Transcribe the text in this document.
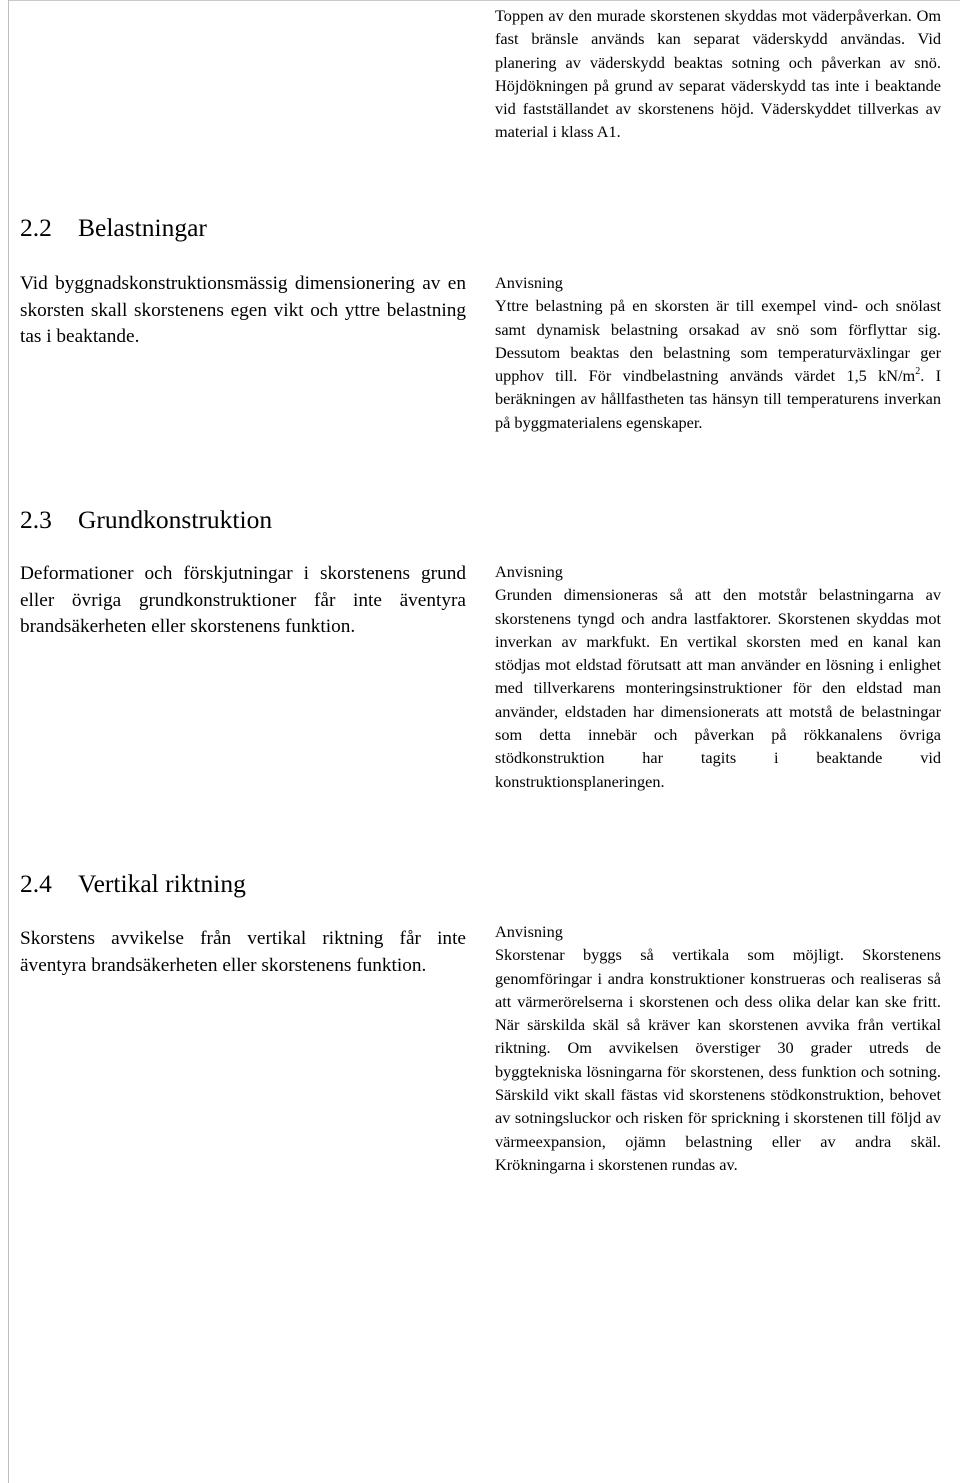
Toppen av den murade skorstenen skyddas mot väderpåverkan. Om fast bränsle används kan separat väderskydd användas. Vid planering av väderskydd beaktas sotning och påverkan av snö. Höjdökningen på grund av separat väderskydd tas inte i beaktande vid fastställandet av skorstenens höjd. Väderskyddet tillverkas av material i klass A1.
2.2 Belastningar
Vid byggnadskonstruktionsmässig dimensionering av en skorsten skall skorstenens egen vikt och yttre belastning tas i beaktande.
Anvisning
Yttre belastning på en skorsten är till exempel vind- och snölast samt dynamisk belastning orsakad av snö som förflyttar sig. Dessutom beaktas den belastning som temperaturväxlingar ger upphov till. För vindbelastning används värdet 1,5 $kN/m^2$. I beräkningen av hållfastheten tas hänsyn till temperaturens inverkan på byggmaterialens egenskaper.
2.3 Grundkonstruktion
Deformationer och förskjutningar i skorstenens grund eller övriga grundkonstruktioner får inte äventyra brandsäkerheten eller skorstenens funktion.
Anvisning
Grunden dimensioneras så att den motstår belastningarna av skorstenens tyngd och andra lastfaktorer. Skorstenen skyddas mot inverkan av markfukt. En vertikal skorsten med en kanal kan stödjas mot eldstad förutsatt att man använder en lösning i enlighet med tillverkarens monteringsinstruktioner för den eldstad man använder, eldstaden har dimensionerats att motstå de belastningar som detta innebär och påverkan på rökkanalens övriga stödkonstruktion har tagits i beaktande vid konstruktionsplaneringen.
2.4 Vertikal riktning
Skorstens avvikelse från vertikal riktning får inte äventyra brandsäkerheten eller skorstenens funktion.
Anvisning
Skorstenar byggs så vertikala som möjligt. Skorstenens genomföringar i andra konstruktioner konstrueras och realiseras så att värmerörelserna i skorstenen och dess olika delar kan ske fritt. När särskilda skäl så kräver kan skorstenen avvika från vertikal riktning. Om avvikelsen överstiger 30 grader utreds de byggtekniska lösningarna för skorstenen, dess funktion och sotning. Särskild vikt skall fästas vid skorstenens stödkonstruktion, behovet av sotningsluckor och risken för sprickning i skorstenen till följd av värmeexpansion, ojämn belastning eller av andra skäl. Krökningarna i skorstenen rundas av.
